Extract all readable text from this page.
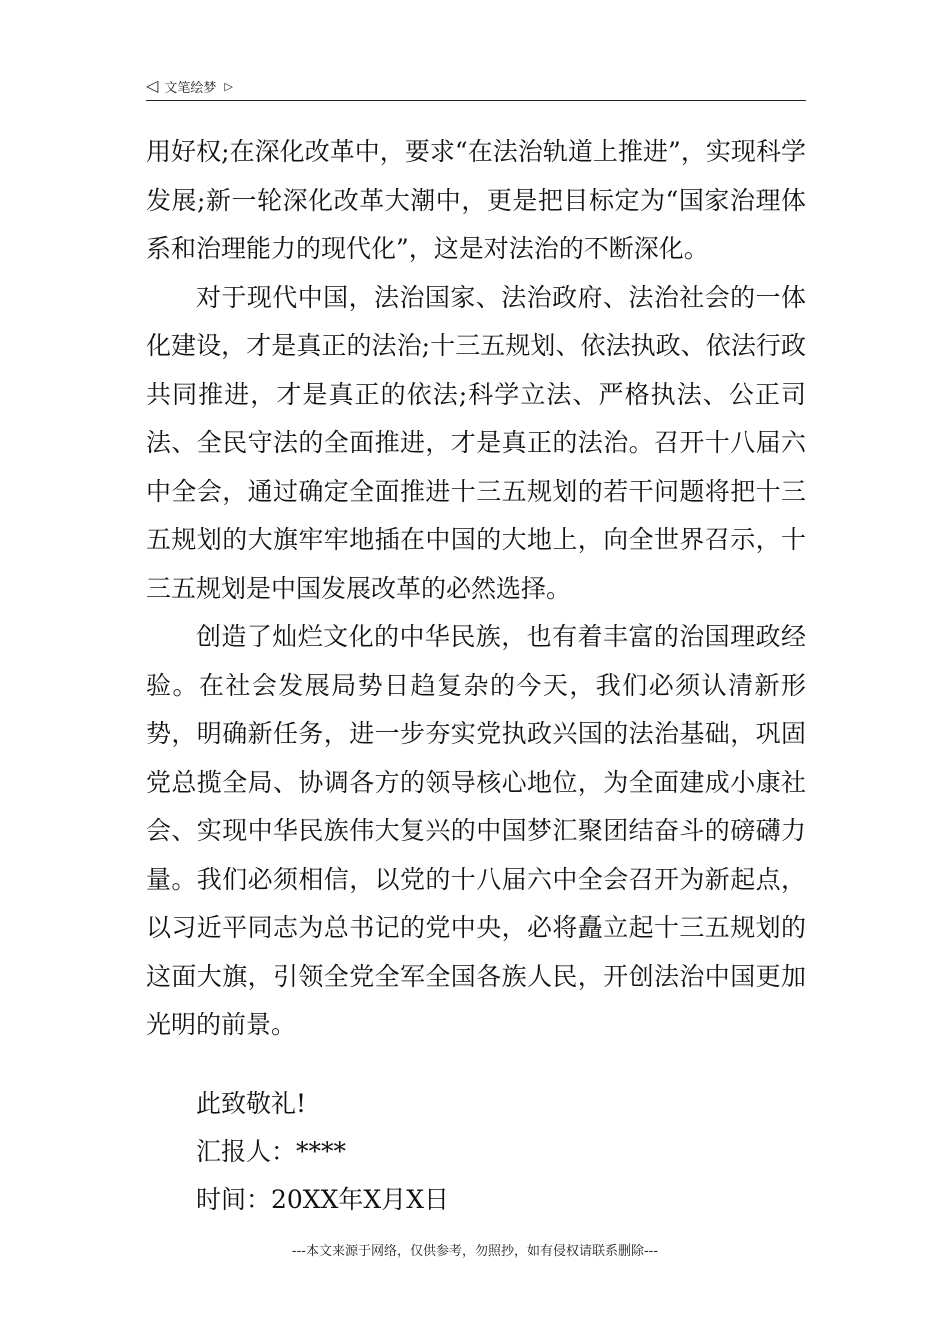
◁ 文笔绘梦 ▷

用好权;在深化改革中，要求“在法治轨道上推进”，实现科学发展;新一轮深化改革大潮中，更是把目标定为“国家治理体系和治理能力的现代化”，这是对法治的不断深化。

对于现代中国，法治国家、法治政府、法治社会的一体化建设，才是真正的法治;十三五规划、依法执政、依法行政共同推进，才是真正的依法;科学立法、严格执法、公正司法、全民守法的全面推进，才是真正的法治。召开十八届六中全会，通过确定全面推进十三五规划的若干问题将把十三五规划的大旗牢牢地插在中国的大地上，向全世界召示，十三五规划是中国发展改革的必然选择。

创造了灿烂文化的中华民族，也有着丰富的治国理政经验。在社会发展局势日趋复杂的今天，我们必须认清新形势，明确新任务，进一步夯实党执政兴国的法治基础，巩固党总揽全局、协调各方的领导核心地位，为全面建成小康社会、实现中华民族伟大复兴的中国梦汇聚团结奋斗的磅礴力量。我们必须相信，以党的十八届六中全会召开为新起点，以习近平同志为总书记的党中央，必将矗立起十三五规划的这面大旗，引领全党全军全国各族人民，开创法治中国更加光明的前景。

此致敬礼!
汇报人：****
时间：20XX年X月X日
---本文来源于网络，仅供参考，勿照抄，如有侵权请联系删除---
